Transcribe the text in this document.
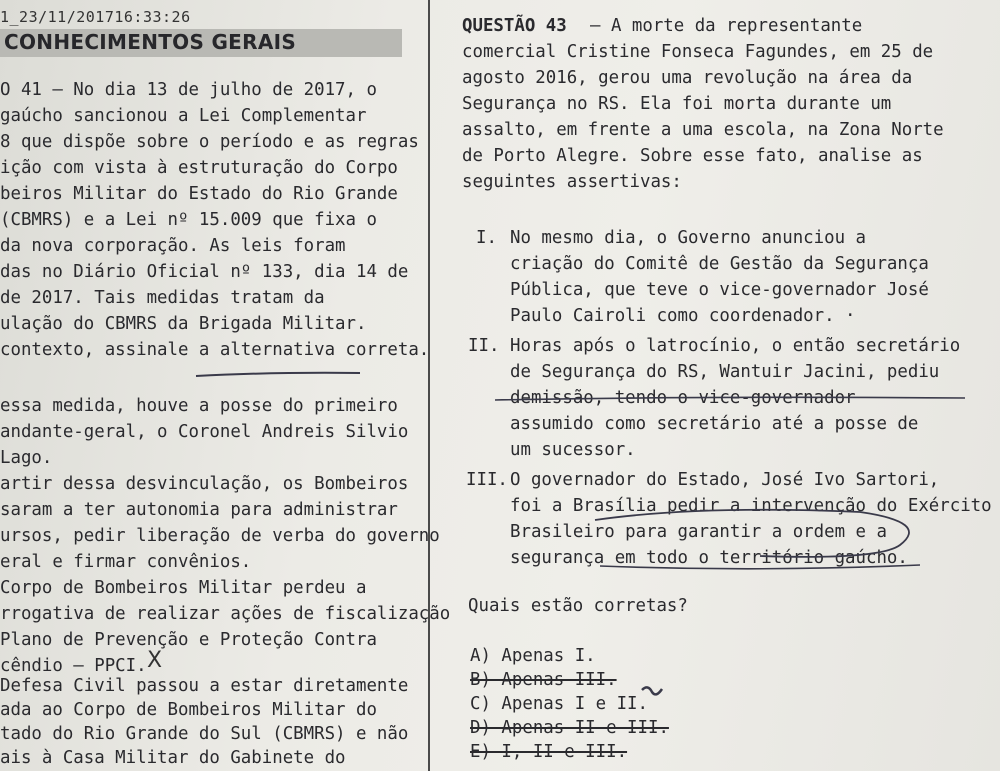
1_23/11/201716:33:26
CONHECIMENTOS GERAIS
O 41 – No dia 13 de julho de 2017, o
gaúcho sancionou a Lei Complementar
8 que dispõe sobre o período e as regras
ição com vista à estruturação do Corpo
beiros Militar do Estado do Rio Grande
(CBMRS) e a Lei nº 15.009 que fixa o
da nova corporação. As leis foram
das no Diário Oficial nº 133, dia 14 de
de 2017. Tais medidas tratam da
ulação do CBMRS da Brigada Militar.
contexto, assinale a alternativa correta.
essa medida, houve a posse do primeiro
andante-geral, o Coronel Andreis Silvio
Lago.
artir dessa desvinculação, os Bombeiros
saram a ter autonomia para administrar
ursos, pedir liberação de verba do governo
eral e firmar convênios.
Corpo de Bombeiros Militar perdeu a
rrogativa de realizar ações de fiscalização
Plano de Prevenção e Proteção Contra
cêndio – PPCI.
Defesa Civil passou a estar diretamente
ada ao Corpo de Bombeiros Militar do
tado do Rio Grande do Sul (CBMRS) e não
ais à Casa Militar do Gabinete do
QUESTÃO 43 – A morte da representante
comercial Cristine Fonseca Fagundes, em 25 de
agosto 2016, gerou uma revolução na área da
Segurança no RS. Ela foi morta durante um
assalto, em frente a uma escola, na Zona Norte
de Porto Alegre. Sobre esse fato, analise as
seguintes assertivas:
I. No mesmo dia, o Governo anunciou a
criação do Comitê de Gestão da Segurança
Pública, que teve o vice-governador José
Paulo Cairoli como coordenador. ·
II. Horas após o latrocínio, o então secretário
de Segurança do RS, Wantuir Jacini, pediu
demissão, tendo o vice-governador
assumido como secretário até a posse de
um sucessor.
III. O governador do Estado, José Ivo Sartori,
foi a Brasília pedir a intervenção do Exército
Brasileiro para garantir a ordem e a
segurança em todo o território gaúcho.
Quais estão corretas?
A) Apenas I.
B) Apenas III.
C) Apenas I e II.
D) Apenas II e III.
E) I, II e III.
X
